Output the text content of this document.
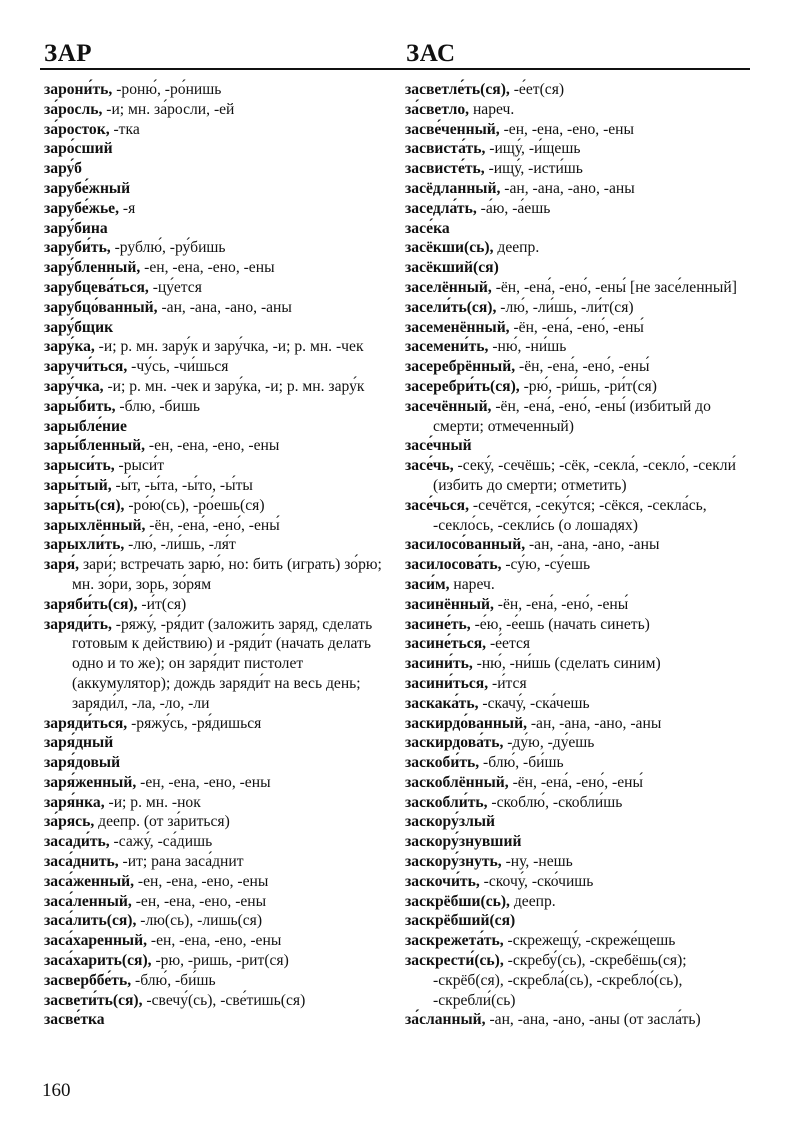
ЗАР	ЗАС

зарони́ть, -роню́, -ро́нишь

за́росль, -и; мн. за́росли, -ей

за́росток, -тка

заро́сший

зару́б

зарубе́жный

зарубе́жье, -я

зару́бина

заруби́ть, -рублю́, -ру́бишь

зару́бленный, -ен, -ена, -ено, -ены

зарубцева́ться, -цу́ется

зарубцо́ванный, -ан, -ана, -ано, -аны

зару́бщик

зару́ка, -и; р. мн. зару́к и зару́чка, -и; р. мн. -чек

заручи́ться, -чу́сь, -чи́шься

зару́чка, -и; р. мн. -чек и зару́ка, -и; р. мн. зару́к

зары́бить, -блю, -бишь

зарыбле́ние

зары́бленный, -ен, -ена, -ено, -ены

зарыси́ть, -рыси́т

зары́тый, -ы́т, -ы́та, -ы́то, -ы́ты

зары́ть(ся), -ро́ю(сь), -ро́ешь(ся)

зарыхлённый, -ён, -ена́, -ено́, -ены́

зарыхли́ть, -лю́, -ли́шь, -ля́т

заря́, зари́; встречать зарю́, но: бить (играть) зо́рю; мн. зо́ри, зорь, зо́рям

заряби́ть(ся), -и́т(ся)

заряди́ть, -ряжу́, -ря́дит (заложить заряд, сделать готовым к действию) и -ряди́т (начать делать одно и то же); он заря́дит пистолет (аккумулятор); дождь заряди́т на весь день; заряди́л, -ла, -ло, -ли

заряди́ться, -ряжу́сь, -ря́дишься

заря́дный

заря́довый

заря́женный, -ен, -ена, -ено, -ены

заря́нка, -и; р. мн. -нок

за́рясь, деепр. (от за́риться)

засади́ть, -сажу́, -са́дишь

заса́днить, -ит; рана заса́днит

заса́женный, -ен, -ена, -ено, -ены

заса́ленный, -ен, -ена, -ено, -ены

заса́лить(ся), -лю(сь), -лишь(ся)

заса́харенный, -ен, -ена, -ено, -ены

заса́харить(ся), -рю, -ришь, -рит(ся)

засверббе́ть, -блю́, -би́шь

засвети́ть(ся), -свечу́(сь), -све́тишь(ся)

засве́тка

засветле́ть(ся), -е́ет(ся)

за́светло, нареч.

засве́ченный, -ен, -ена, -ено, -ены

засвиста́ть, -ищу́, -и́щешь

засвисте́ть, -ищу́, -исти́шь

засёдланный, -ан, -ана, -ано, -аны

заседла́ть, -а́ю, -а́ешь

засе́ка

засёкши(сь), деепр.

засёкший(ся)

заселённый, -ён, -ена́, -ено́, -ены́ [не засе́ленный]

засели́ть(ся), -лю́, -ли́шь, -ли́т(ся)

засеменённый, -ён, -ена́, -ено́, -ены́

засемени́ть, -ню́, -ни́шь

засеребрённый, -ён, -ена́, -ено́, -ены́

засеребри́ть(ся), -рю́, -ри́шь, -ри́т(ся)

засечённый, -ён, -ена́, -ено́, -ены́ (избитый до смерти; отмеченный)

засе́чный

засе́чь, -секу́, -сечёшь; -сёк, -секла́, -секло́, -секли́ (избить до смерти; отметить)

засе́чься, -сечётся, -секу́тся; -сёкся, -секла́сь, -секло́сь, -секли́сь (о лошадях)

засилосо́ванный, -ан, -ана, -ано, -аны

засилосова́ть, -су́ю, -су́ешь

заси́м, нареч.

засинённый, -ён, -ена́, -ено́, -ены́

засине́ть, -е́ю, -е́ешь (начать синеть)

засине́ться, -е́ется

засини́ть, -ню́, -ни́шь (сделать синим)

засини́ться, -и́тся

заскака́ть, -скачу́, -ска́чешь

заскирдо́ванный, -ан, -ана, -ано, -аны

заскирдова́ть, -ду́ю, -ду́ешь

заскоби́ть, -блю́, -би́шь

заскоблённый, -ён, -ена́, -ено́, -ены́

заскобли́ть, -скоблю́, -скобли́шь

заскору́злый

заскору́знувший

заскору́знуть, -ну, -нешь

заскочи́ть, -скочу́, -ско́чишь

заскрёбши(сь), деепр.

заскрёбший(ся)

заскрежета́ть, -скрежещу́, -скреже́щешь

заскрести́(сь), -скребу́(сь), -скребёшь(ся); -скрёб(ся), -скребла́(сь), -скребло́(сь), -скребли́(сь)

за́сланный, -ан, -ана, -ано, -аны (от засла́ть)

160
